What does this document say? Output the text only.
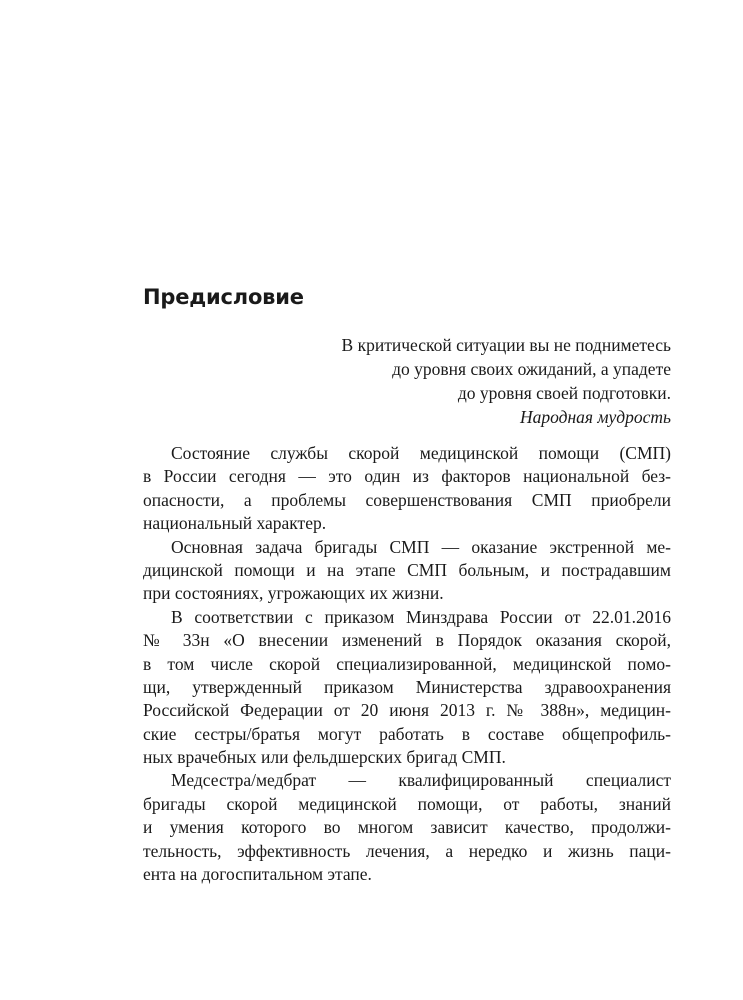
Предисловие
В критической ситуации вы не подниметесь
до уровня своих ожиданий, а упадете
до уровня своей подготовки.
Народная мудрость
Состояние службы скорой медицинской помощи (СМП)
в России сегодня — это один из факторов национальной без-
опасности, а проблемы совершенствования СМП приобрели
национальный характер.
Основная задача бригады СМП — оказание экстренной ме-
дицинской помощи и на этапе СМП больным, и пострадавшим
при состояниях, угрожающих их жизни.
В соответствии с приказом Минздрава России от 22.01.2016
№ 33н «О внесении изменений в Порядок оказания скорой,
в том числе скорой специализированной, медицинской помо-
щи, утвержденный приказом Министерства здравоохранения
Российской Федерации от 20 июня 2013 г. № 388н», медицин-
ские сестры/братья могут работать в составе общепрофиль-
ных врачебных или фельдшерских бригад СМП.
Медсестра/медбрат — квалифицированный специалист
бригады скорой медицинской помощи, от работы, знаний
и умения которого во многом зависит качество, продолжи-
тельность, эффективность лечения, а нередко и жизнь паци-
ента на догоспитальном этапе.
